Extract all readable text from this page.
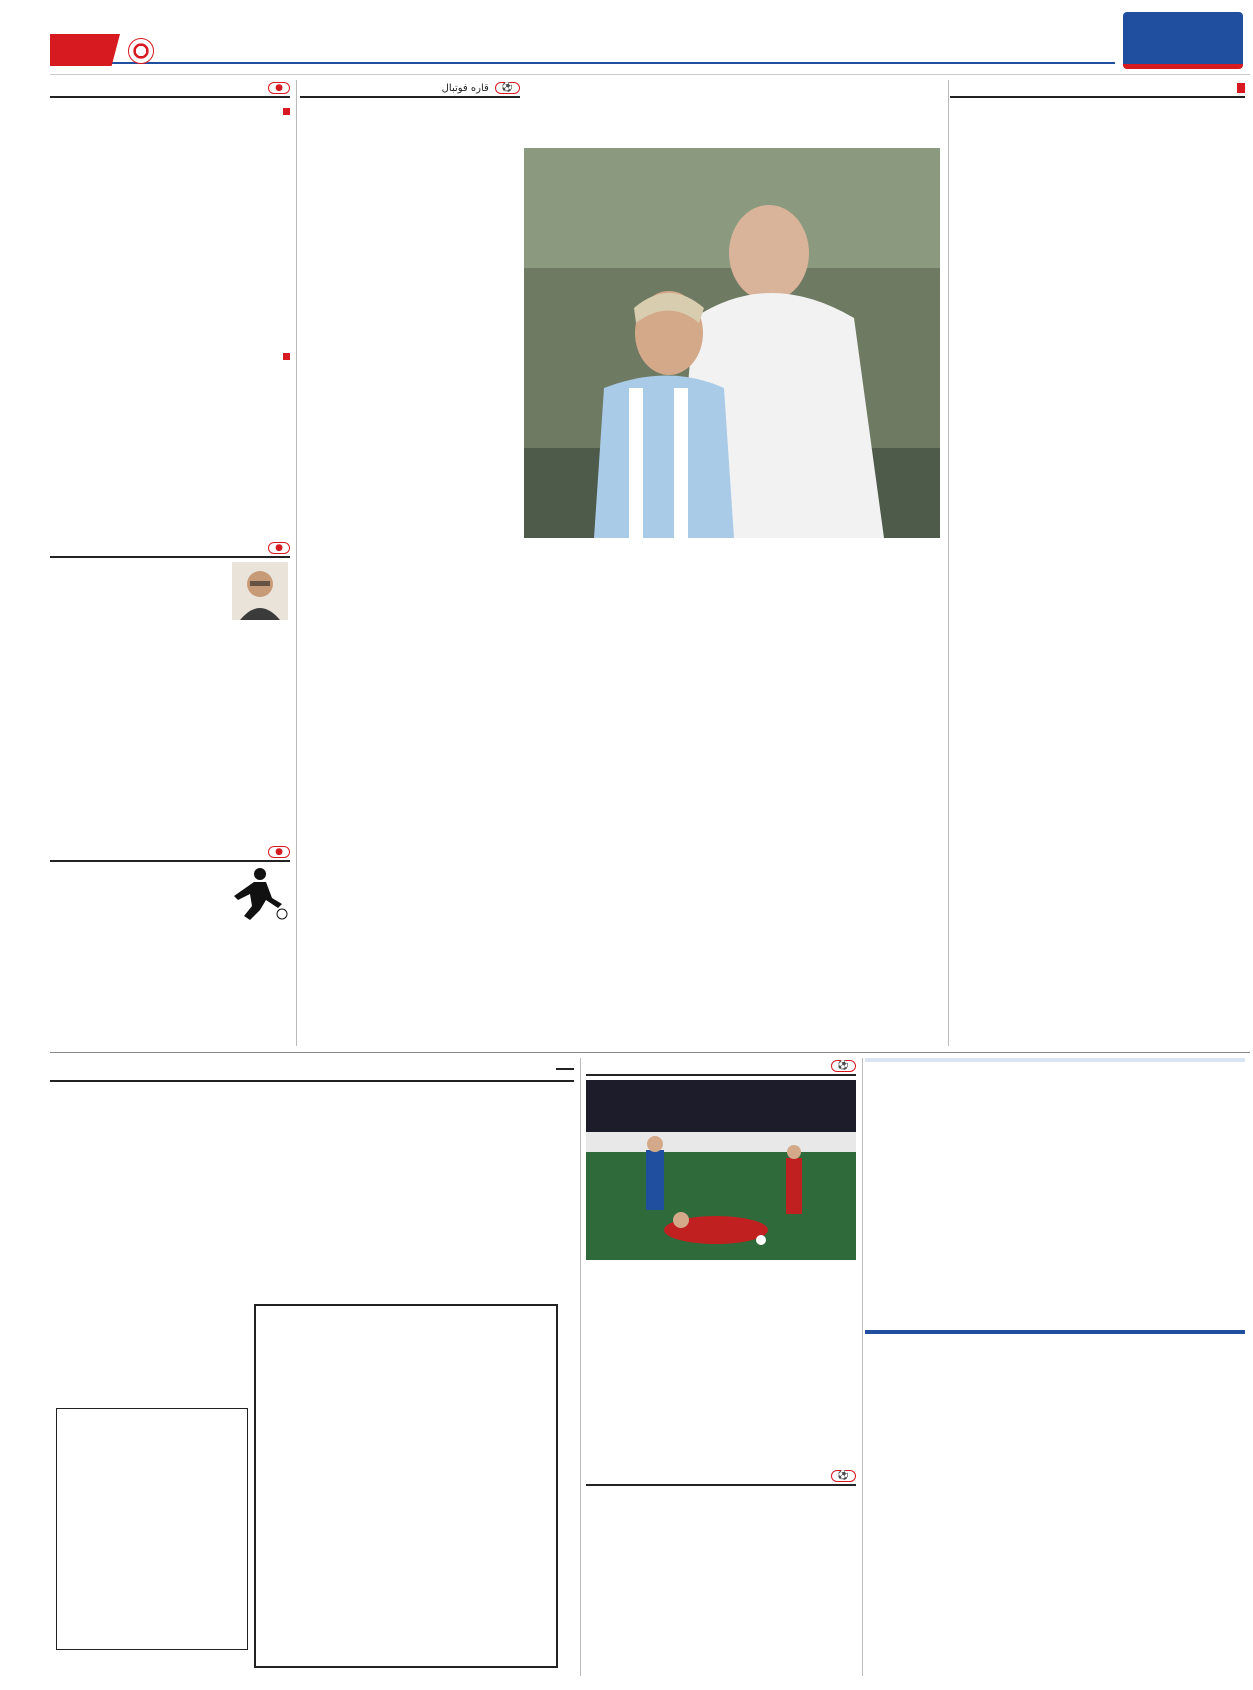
⚽
قاره فوتبال

●

●

●

⚽

⚽
